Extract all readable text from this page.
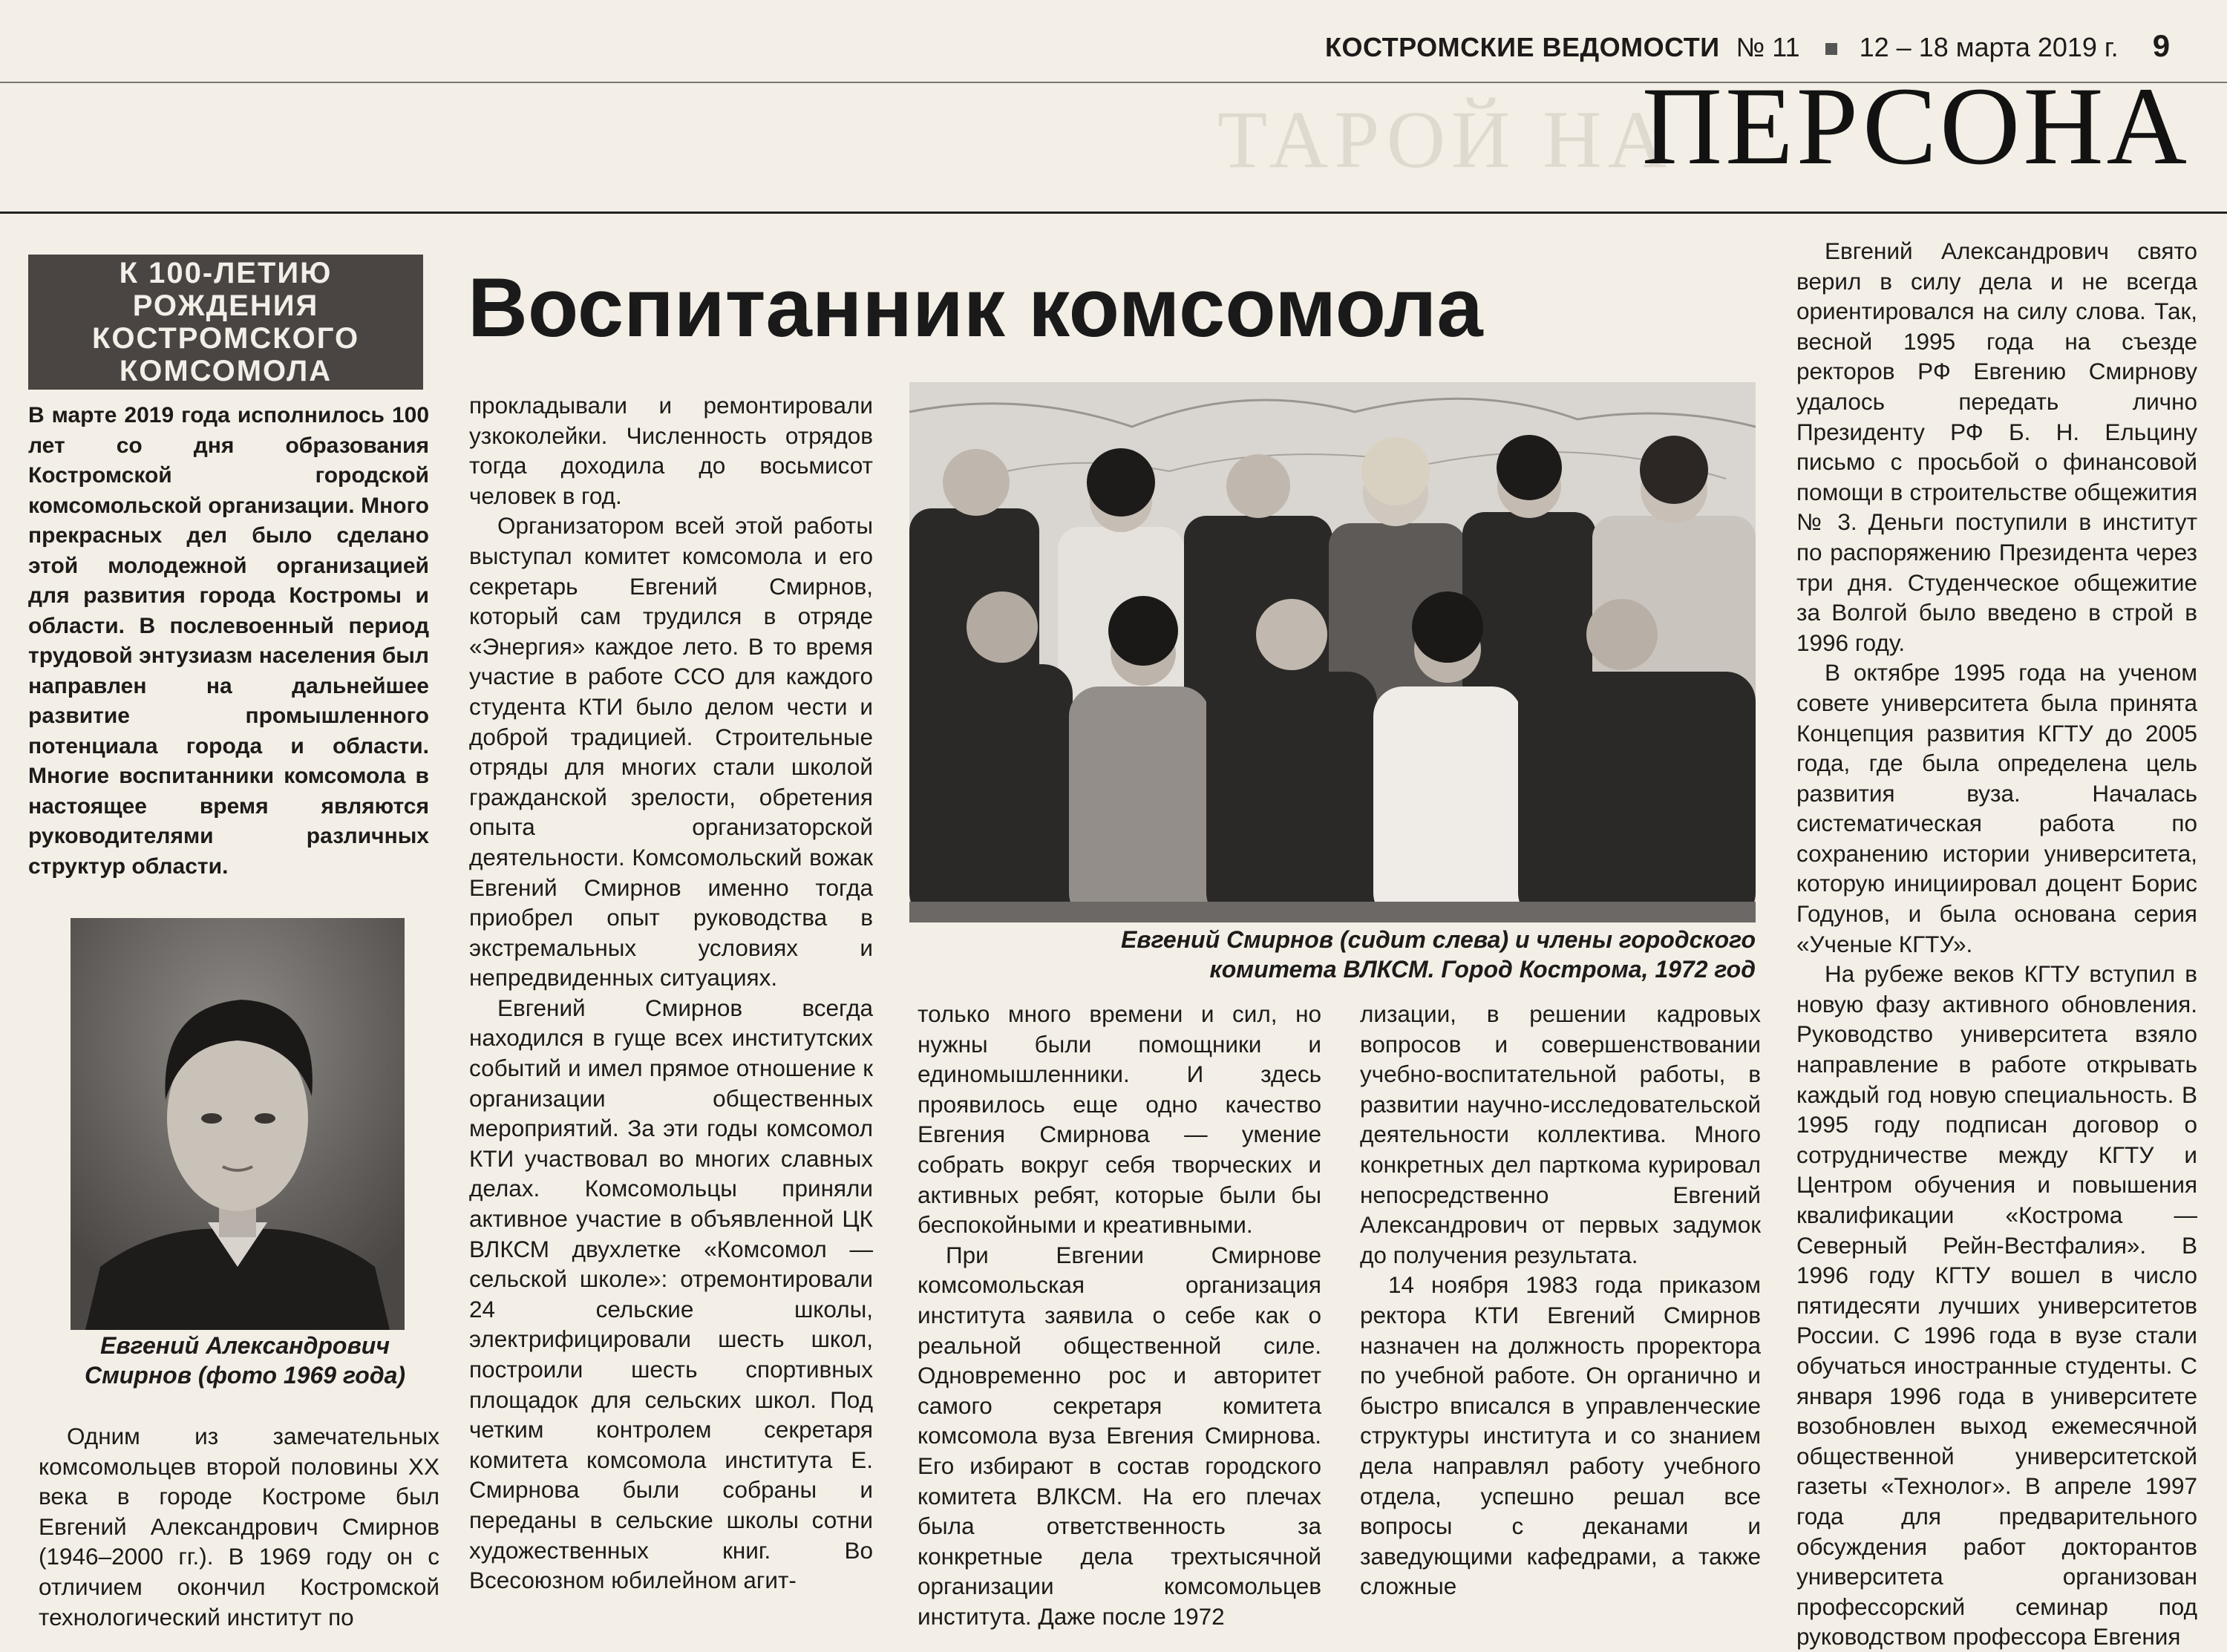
ТАРОЙ НА
КОСТРОМСКИЕ ВЕДОМОСТИ № 11 12 – 18 марта 2019 г. 9
ПЕРСОНА
К 100-ЛЕТИЮ
РОЖДЕНИЯ
КОСТРОМСКОГО
КОМСОМОЛА
В марте 2019 года исполнилось 100 лет со дня образования Костромской городской комсомольской организации. Много прекрасных дел было сделано этой молодежной организацией для развития города Костромы и области. В послевоенный период трудовой энтузиазм населения был направлен на дальнейшее развитие промышленного потенциала города и области. Многие воспитанники комсомола в настоящее время являются руководителями различных структур области.
Евгений Александрович
Смирнов (фото 1969 года)
Воспитанник комсомола
Евгений Смирнов (сидит слева) и члены городского
комитета ВЛКСМ. Город Кострома, 1972 год

прокладывали и ремонтировали узкоколейки. Численность отрядов тогда доходила до восьмисот человек в год.

Организатором всей этой работы выступал комитет комсомола и его секретарь Евгений Смирнов, который сам трудился в отряде «Энергия» каждое лето. В то время участие в работе ССО для каждого студента КТИ было делом чести и доброй традицией. Строительные отряды для многих стали школой гражданской зрелости, обретения опыта организаторской деятельности. Комсомольский вожак Евгений Смирнов именно тогда приобрел опыт руководства в экстремальных условиях и непредвиденных ситуациях.

Евгений Смирнов всегда находился в гуще всех институтских событий и имел прямое отношение к организации общественных мероприятий. За эти годы комсомол КТИ участвовал во многих славных делах. Комсомольцы приняли активное участие в объявленной ЦК ВЛКСМ двухлетке «Комсомол — сельской школе»: отремонтировали 24 сельские школы, электрифицировали шесть школ, построили шесть спортивных площадок для сельских школ. Под четким контролем секретаря комитета комсомола института Е. Смирнова были собраны и переданы в сельские школы сотни художественных книг. Во Всесоюзном юбилейном агит-

только много времени и сил, но нужны были помощники и единомышленники. И здесь проявилось еще одно качество Евгения Смирнова — умение собрать вокруг себя творческих и активных ребят, которые были бы беспокойными и креативными.

При Евгении Смирнове комсомольская организация института заявила о себе как о реальной общественной силе. Одновременно рос и авторитет самого секретаря комитета комсомола вуза Евгения Смирнова. Его избирают в состав городского комитета ВЛКСМ. На его плечах была ответственность за конкретные дела трехтысячной организации комсомольцев института. Даже после 1972

лизации, в решении кадровых вопросов и совершенствовании учебно-воспитательной работы, в развитии научно-исследовательской деятельности коллектива. Много конкретных дел парткома курировал непосредственно Евгений Александрович от первых задумок до получения результата.

14 ноября 1983 года приказом ректора КТИ Евгений Смирнов назначен на должность проректора по учебной работе. Он органично и быстро вписался в управленческие структуры института и со знанием дела направлял работу учебного отдела, успешно решал все вопросы с деканами и заведующими кафедрами, а также сложные

Евгений Александрович свято верил в силу дела и не всегда ориентировался на силу слова. Так, весной 1995 года на съезде ректоров РФ Евгению Смирнову удалось передать лично Президенту РФ Б. Н. Ельцину письмо с просьбой о финансовой помощи в строительстве общежития № 3. Деньги поступили в институт по распоряжению Президента через три дня. Студенческое общежитие за Волгой было введено в строй в 1996 году.

В октябре 1995 года на ученом совете университета была принята Концепция развития КГТУ до 2005 года, где была определена цель развития вуза. Началась систематическая работа по сохранению истории университета, которую инициировал доцент Борис Годунов, и была основана серия «Ученые КГТУ».

На рубеже веков КГТУ вступил в новую фазу активного обновления. Руководство университета взяло направление в работе открывать каждый год новую специальность. В 1995 году подписан договор о сотрудничестве между КГТУ и Центром обучения и повышения квалификации «Кострома — Северный Рейн-Вестфалия». В 1996 году КГТУ вошел в число пятидесяти лучших университетов России. С 1996 года в вузе стали обучаться иностранные студенты. С января 1996 года в университете возобновлен выход ежемесячной общественной университетской газеты «Технолог». В апреле 1997 года для предварительного обсуждения работ докторантов университета организован профессорский семинар под руководством профессора Евгения

Одним из замечательных комсомольцев второй половины XX века в городе Костроме был Евгений Александрович Смирнов (1946–2000 гг.). В 1969 году он с отличием окончил Костромской технологический институт по
